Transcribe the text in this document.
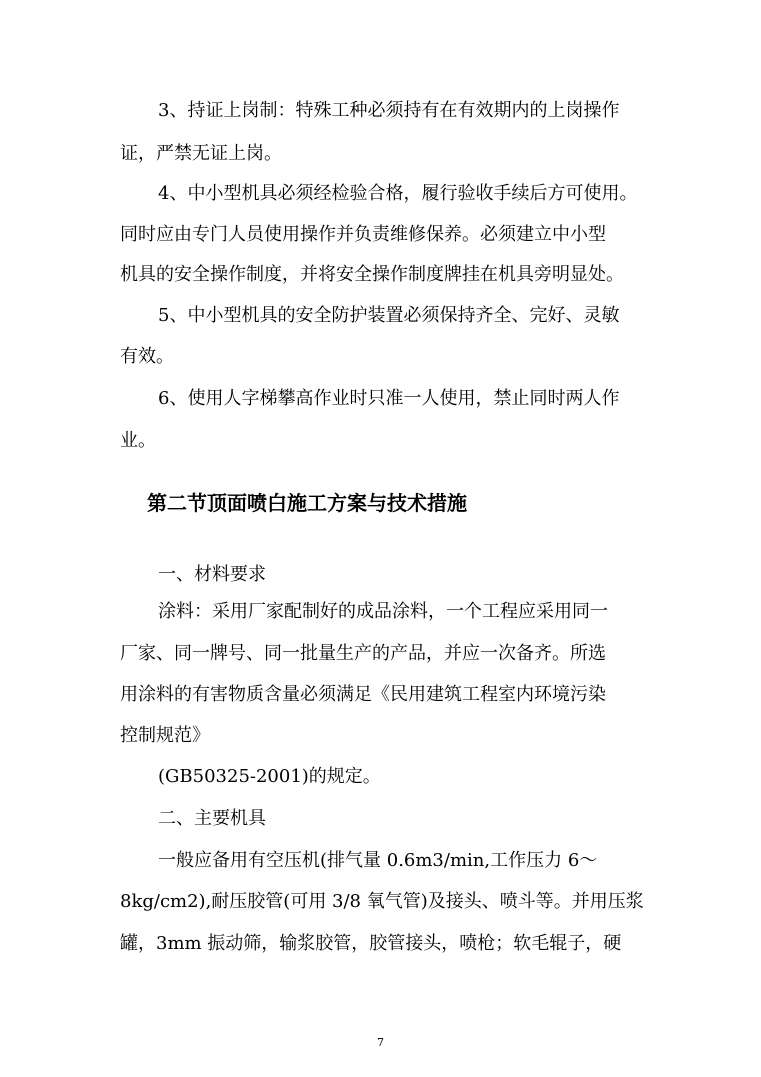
3、持证上岗制：特殊工种必须持有在有效期内的上岗操作
证，严禁无证上岗。
4、中小型机具必须经检验合格，履行验收手续后方可使用。
同时应由专门人员使用操作并负责维修保养。必须建立中小型
机具的安全操作制度，并将安全操作制度牌挂在机具旁明显处。
5、中小型机具的安全防护装置必须保持齐全、完好、灵敏
有效。
6、使用人字梯攀高作业时只准一人使用，禁止同时两人作
业。
第二节顶面喷白施工方案与技术措施
一、材料要求
涂料：采用厂家配制好的成品涂料，一个工程应采用同一
厂家、同一牌号、同一批量生产的产品，并应一次备齐。所选
用涂料的有害物质含量必须满足《民用建筑工程室内环境污染
控制规范》
(GB50325-2001)的规定。
二、主要机具
一般应备用有空压机(排气量 0.6m3/min,工作压力 6～
8kg/cm2),耐压胶管(可用 3/8 氧气管)及接头、喷斗等。并用压浆
罐，3mm 振动筛，输浆胶管，胶管接头，喷枪；软毛辊子，硬
7
